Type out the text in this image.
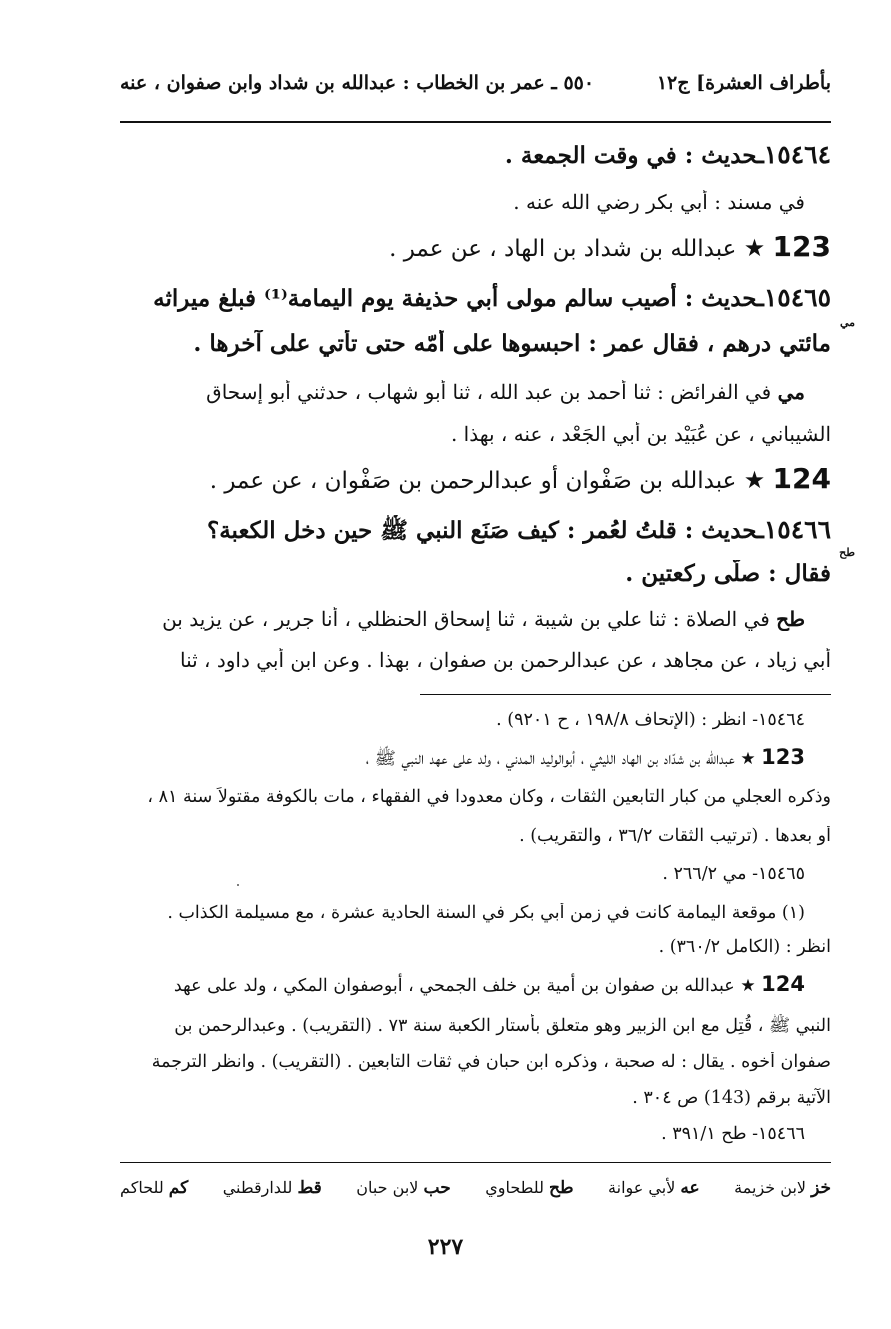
بأطراف العشرة] ج١٢
٥٥٠ ـ عمر بن الخطاب : عبدالله بن شداد وابن صفوان ، عنه
١٥٤٦٤ـحديث : في وقت الجمعة .
في مسند : أبي بكر رضي الله عنه .
123 ★ عبدالله بن شداد بن الهاد ، عن عمر .
١٥٤٦٥ـحديث : أُصيب سالم مولى أبي حذيفة يوم اليمامة⁽¹⁾ فبلغ ميراثه
مي
مائتي درهم ، فقال عمر : احبسوها على أُمّه حتى تأتي على آخرها .
مي في الفرائض : ثنا أحمد بن عبد الله ، ثنا أبو شهاب ، حدثني أبو إسحاق
الشيباني ، عن عُبَيْد بن أبي الجَعْد ، عنه ، بهذا .
124 ★ عبدالله بن صَفْوان أو عبدالرحمن بن صَفْوان ، عن عمر .
١٥٤٦٦ـحديث : قلتُ لعُمر : كيف صَنَع النبي ﷺ حين دخل الكعبة؟
طح
فقال : صلّى ركعتين .
طح في الصلاة : ثنا علي بن شيبة ، ثنا إسحاق الحنظلي ، أنا جرير ، عن يزيد بن
أبي زياد ، عن مجاهد ، عن عبدالرحمن بن صفوان ، بهذا . وعن ابن أبي داود ، ثنا
١٥٤٦٤- انظر : (الإتحاف ١٩٨/٨ ، ح ٩٢٠١) .
123 ★ عبدالله بن شدّاد بن الهاد الليثي ، أبوالوليد المدني ، ولد على عهد النبي ﷺ ،
وذكره العجلي من كبار التابعين الثقات ، وكان معدودا في الفقهاء ، مات بالكوفة مقتولاً سنة ٨١ ،
أو بعدها . (ترتيب الثقات ٣٦/٢ ، والتقريب) .
١٥٤٦٥- مي ٢٦٦/٢ .
(١) موقعة اليمامة كانت في زمن أبي بكر في السنة الحادية عشرة ، مع مسيلمة الكذاب .
انظر : (الكامل ٣٦٠/٢) .
124 ★ عبدالله بن صفوان بن أمية بن خلف الجمحي ، أبوصفوان المكي ، ولد على عهد
النبي ﷺ ، قُتِل مع ابن الزبير وهو متعلق بأستار الكعبة سنة ٧٣ . (التقريب) . وعبدالرحمن بن
صفوان أخوه . يقال : له صحبة ، وذكره ابن حبان في ثقات التابعين . (التقريب) . وانظر الترجمة
الآتية برقم (143) ص ٣٠٤ .
١٥٤٦٦- طح ٣٩١/١ .
خز لابن خزيمة
عه لأبي عوانة
طح للطحاوي
حب لابن حبان
قط للدارقطني
كم للحاكم
٢٢٧
